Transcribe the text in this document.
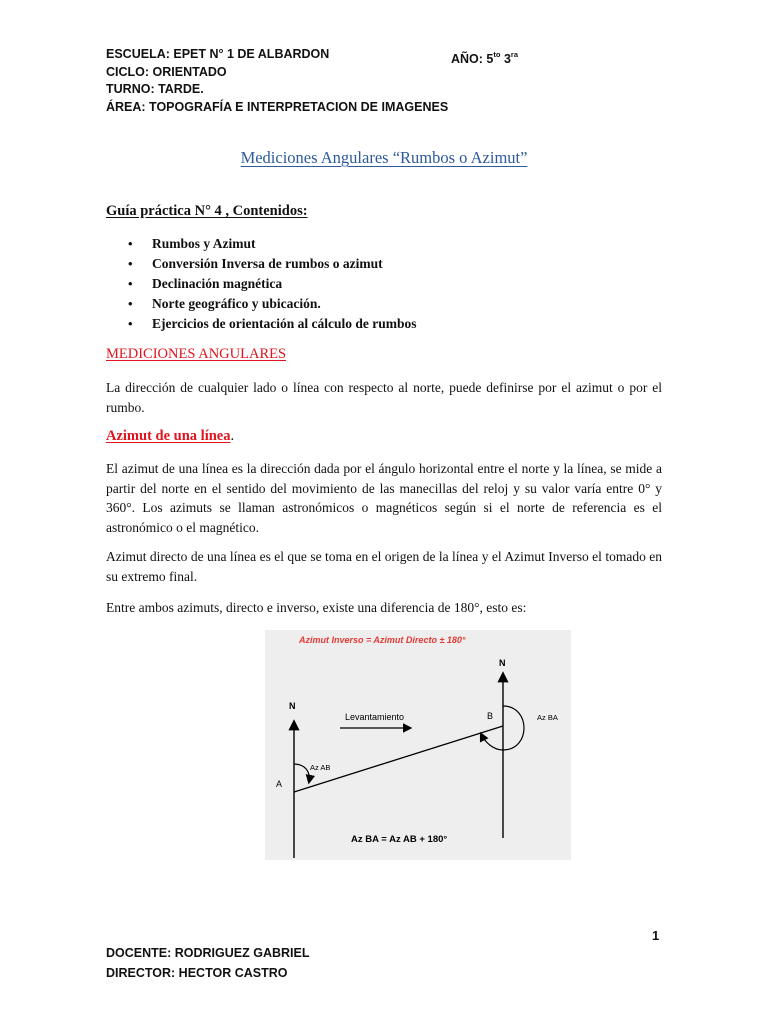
ESCUELA: EPET N° 1 DE ALBARDON	AÑO: $5^{to}$ $3^{ra}$
CICLO: ORIENTADO
TURNO: TARDE.
ÁREA: TOPOGRAFÍA E INTERPRETACION DE IMAGENES
Mediciones Angulares “Rumbos o Azimut”
Guía práctica N° 4 , Contenidos:
• Rumbos y Azimut
• Conversión Inversa de rumbos o azimut
• Declinación magnética
• Norte geográfico y ubicación.
• Ejercicios de orientación al cálculo de rumbos
MEDICIONES ANGULARES

La dirección de cualquier lado o línea con respecto al norte, puede definirse por el azimut o por el rumbo.

Azimut de una línea.

El azimut de una línea es la dirección dada por el ángulo horizontal entre el norte y la línea, se mide a partir del norte en el sentido del movimiento de las manecillas del reloj y su valor varía entre 0° y 360°. Los azimuts se llaman astronómicos o magnéticos según si el norte de referencia es el astronómico o el magnético.

Azimut directo de una línea es el que se toma en el origen de la línea y el Azimut Inverso el tomado en su extremo final.

Entre ambos azimuts, directo e inverso, existe una diferencia de 180°, esto es:

Azimut Inverso = Azimut Directo ± 180°
N
N
Levantamiento	B
A
Az BA
Az AB
Az BA = Az AB + 180°
1
DOCENTE: RODRIGUEZ GABRIEL
DIRECTOR: HECTOR CASTRO
